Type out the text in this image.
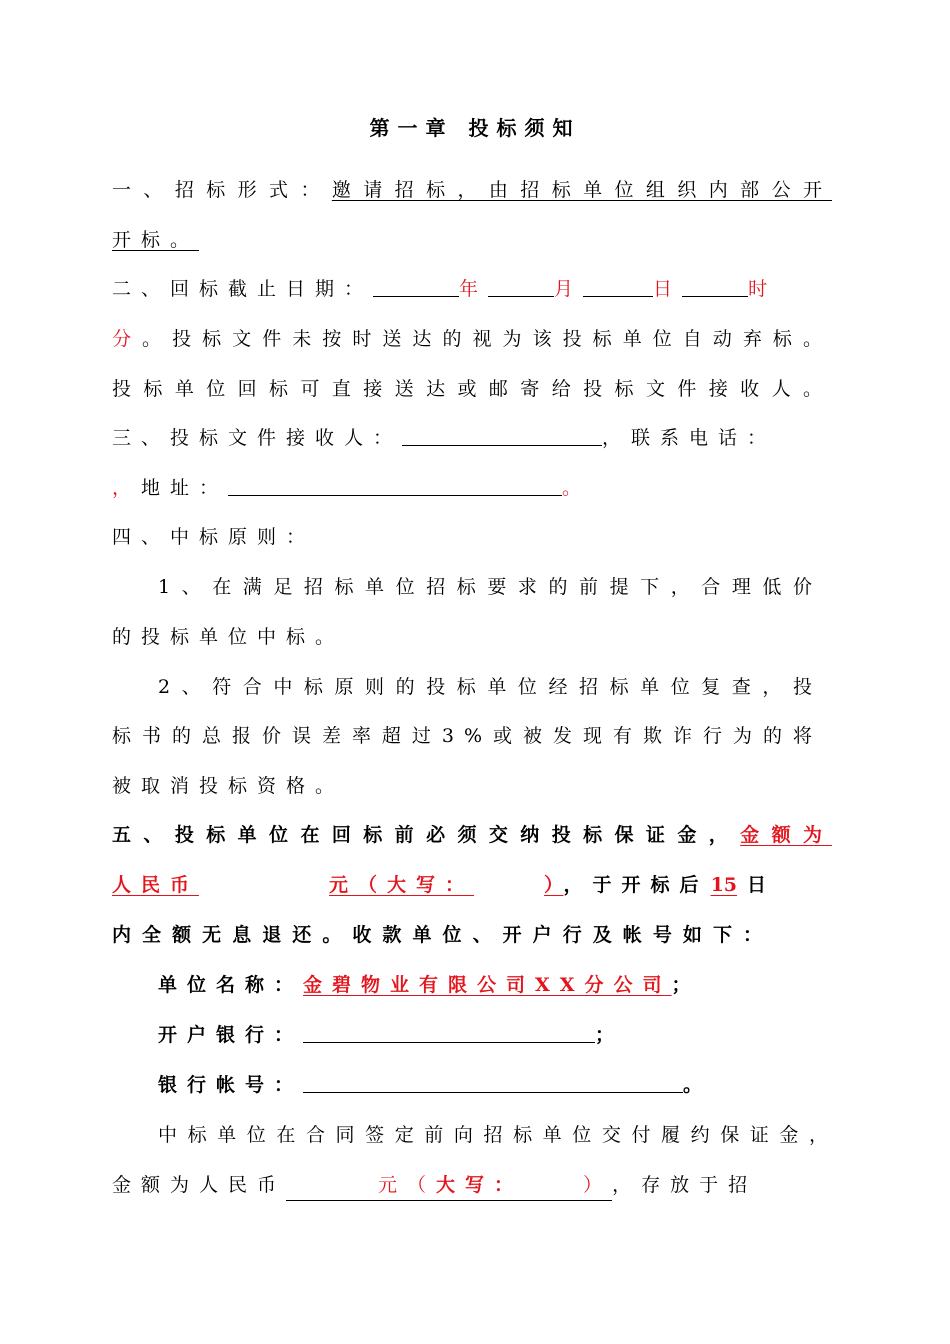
第一章 投标须知
一、招标形式：邀请招标，由招标单位组织内部公开
开标。
二、回标截止日期：	年	月	日	时
分。投标文件未按时送达的视为该投标单位自动弃标。
投标单位回标可直接送达或邮寄给投标文件接收人。
三、投标文件接收人：	，联系电话：
，地址：	。
四、中标原则：
1、在满足招标单位招标要求的前提下，合理低价
的投标单位中标。
2、符合中标原则的投标单位经招标单位复查，投
标书的总报价误差率超过3%或被发现有欺诈行为的将
被取消投标资格。
五、投标单位在回标前必须交纳投标保证金，金额为
人民币	元（大写：	），于开标后 15 日
内全额无息退还。收款单位、开户行及帐号如下：
单位名称：金碧物业有限公司XX分公司；
开户银行：	；
银行帐号：	。
中标单位在合同签定前向招标单位交付履约保证金，
金额为人民币	元（大写：	），存放于招
